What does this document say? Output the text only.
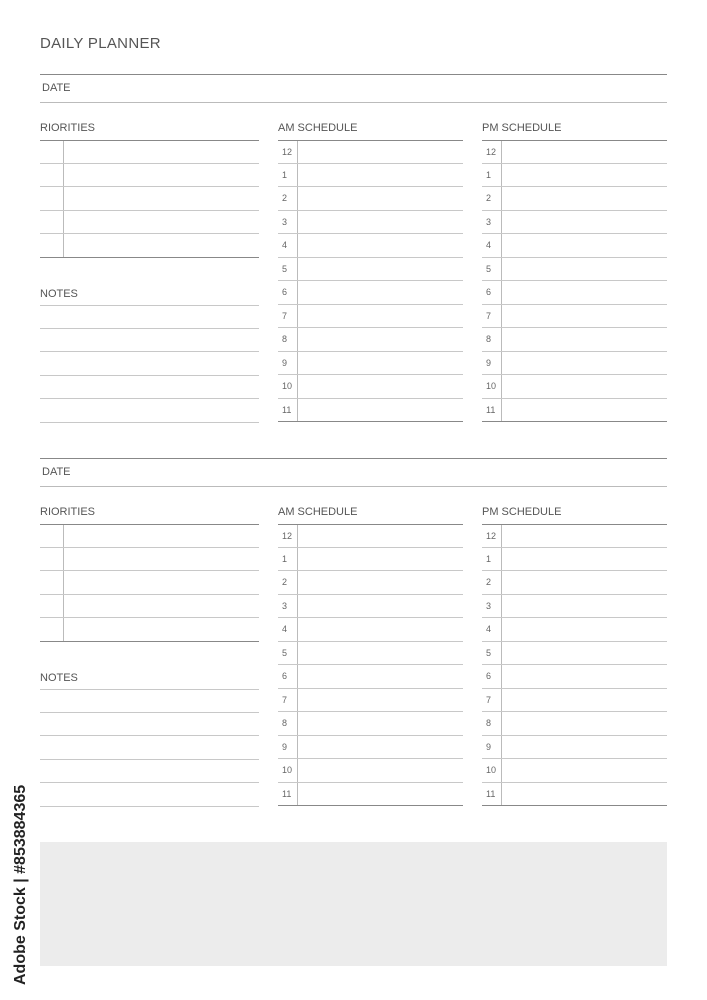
DAILY PLANNER
DATE
RIORITIES	AM SCHEDULE	PM SCHEDULE
NOTES
12
1
2
3
4
5
6
7
8
9
10
11
12
1
2
3
4
5
6
7
8
9
10
11
DATE
RIORITIES	AM SCHEDULE	PM SCHEDULE
NOTES
12
1
2
3
4
5
6
7
8
9
10
11
12
1
2
3
4
5
6
7
8
9
10
11
Adobe Stock | #853884365
